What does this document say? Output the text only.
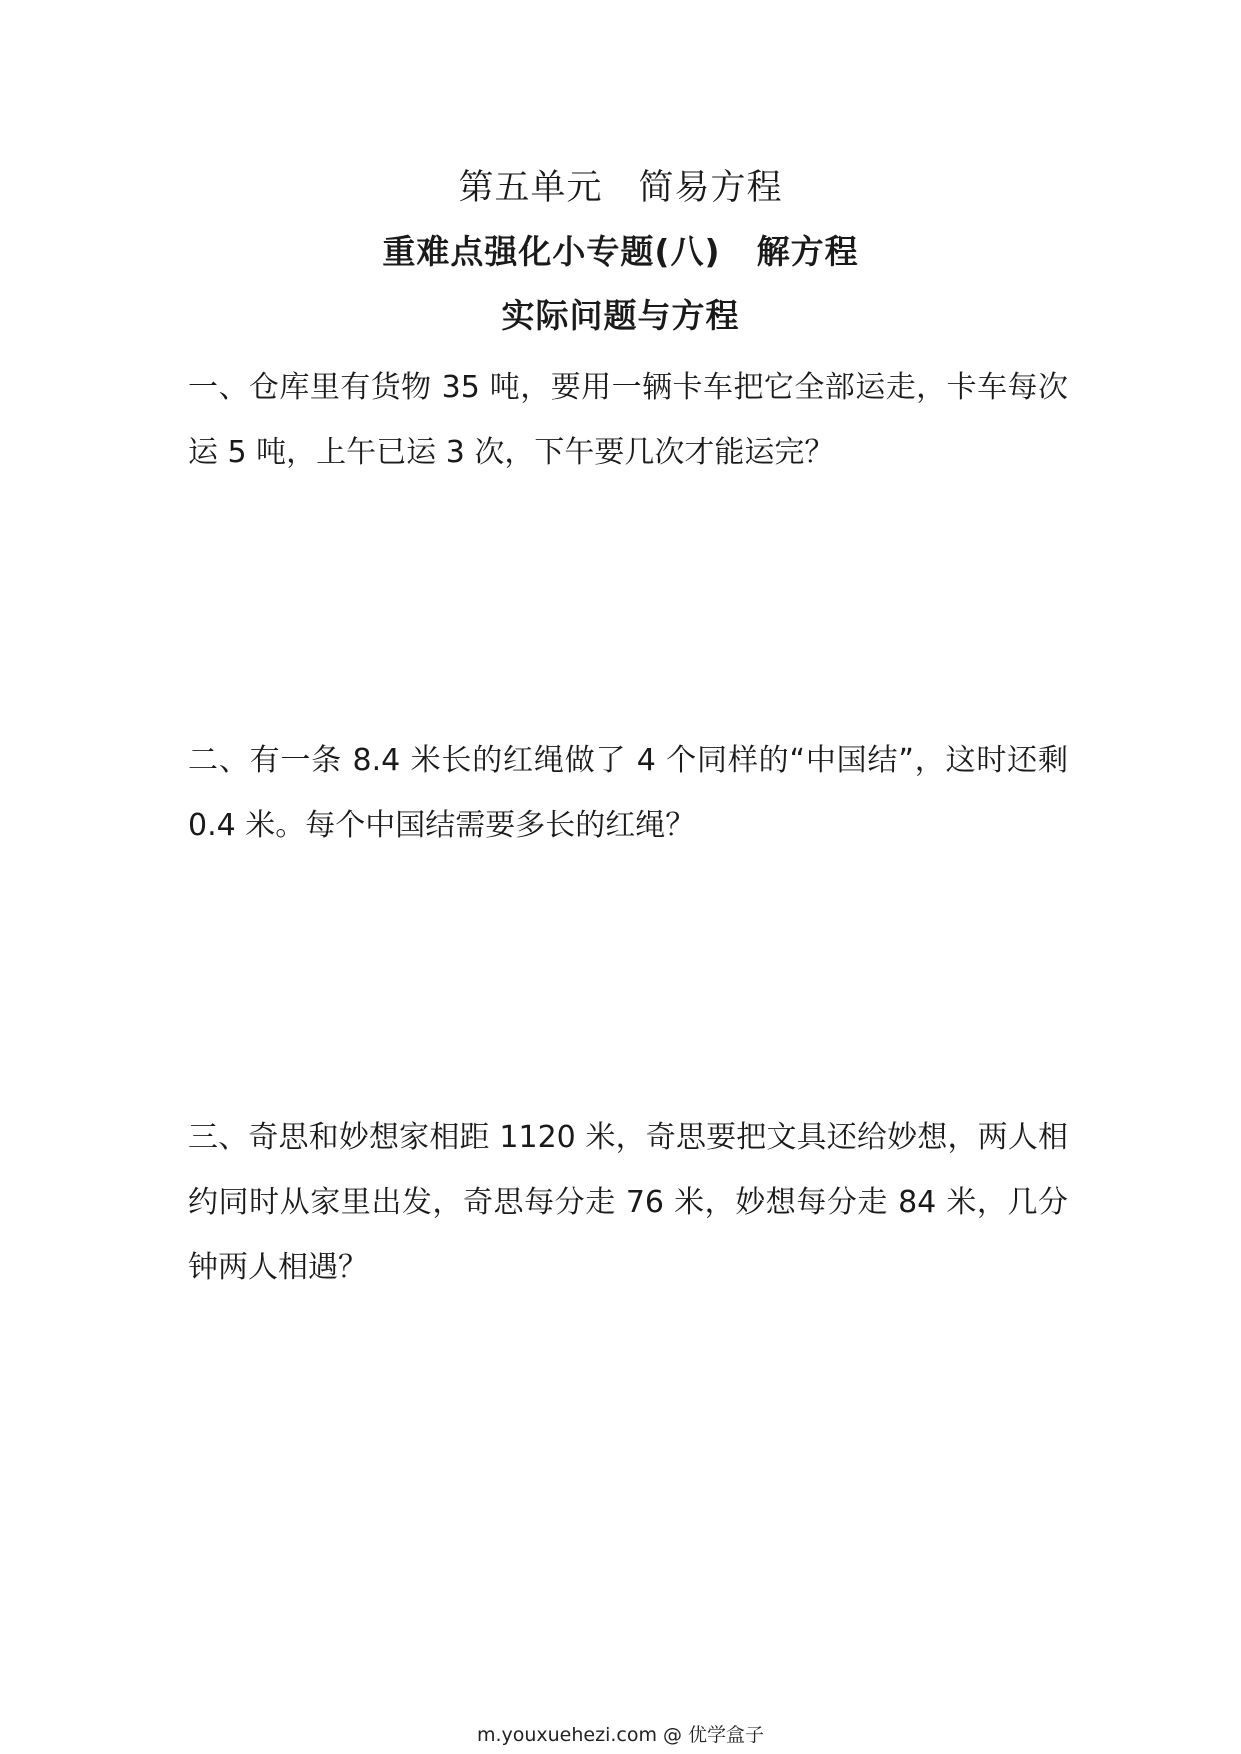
第五单元 简易方程
重难点强化小专题(八) 解方程
实际问题与方程

一、仓库里有货物 35 吨，要用一辆卡车把它全部运走，卡车每次运 5 吨，上午已运 3 次，下午要几次才能运完？

二、有一条 8.4 米长的红绳做了 4 个同样的“中国结”，这时还剩 0.4 米。每个中国结需要多长的红绳？

三、奇思和妙想家相距 1120 米，奇思要把文具还给妙想，两人相约同时从家里出发，奇思每分走 76 米，妙想每分走 84 米，几分钟两人相遇？

m.youxuehezi.com @ 优学盒子
